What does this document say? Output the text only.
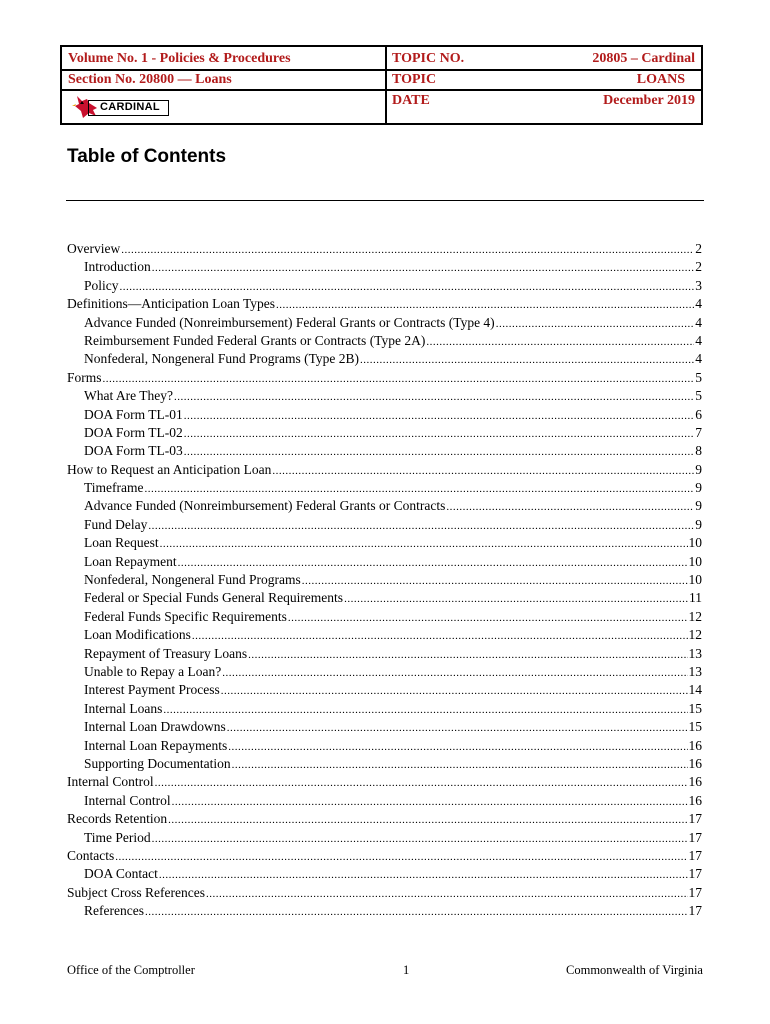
Volume No. 1 - Policies & Procedures
Section No. 20800 — Loans
TOPIC NO.	20805 – Cardinal
TOPIC	LOANS
DATE	December 2019
CARDINAL
Table of Contents
Overview .....	2
Introduction .....	2
Policy .....	3
Definitions—Anticipation Loan Types .....	4
Advance Funded (Nonreimbursement) Federal Grants or Contracts (Type 4) .....	4
Reimbursement Funded Federal Grants or Contracts (Type 2A) .....	4
Nonfederal, Nongeneral Fund Programs (Type 2B) .....	4
Forms .....	5
What Are They? .....	5
DOA Form TL-01 .....	6
DOA Form TL-02 .....	7
DOA Form TL-03 .....	8
How to Request an Anticipation Loan .....	9
Timeframe .....	9
Advance Funded (Nonreimbursement) Federal Grants or Contracts .....	9
Fund Delay .....	9
Loan Request .....	10
Loan Repayment .....	10
Nonfederal, Nongeneral Fund Programs .....	10
Federal or Special Funds General Requirements .....	11
Federal Funds Specific Requirements .....	12
Loan Modifications .....	12
Repayment of Treasury Loans .....	13
Unable to Repay a Loan? .....	13
Interest Payment Process .....	14
Internal Loans .....	15
Internal Loan Drawdowns .....	15
Internal Loan Repayments .....	16
Supporting Documentation .....	16
Internal Control .....	16
Internal Control .....	16
Records Retention .....	17
Time Period .....	17
Contacts .....	17
DOA Contact .....	17
Subject Cross References .....	17
References .....	17
Office of the Comptroller	1	Commonwealth of Virginia
